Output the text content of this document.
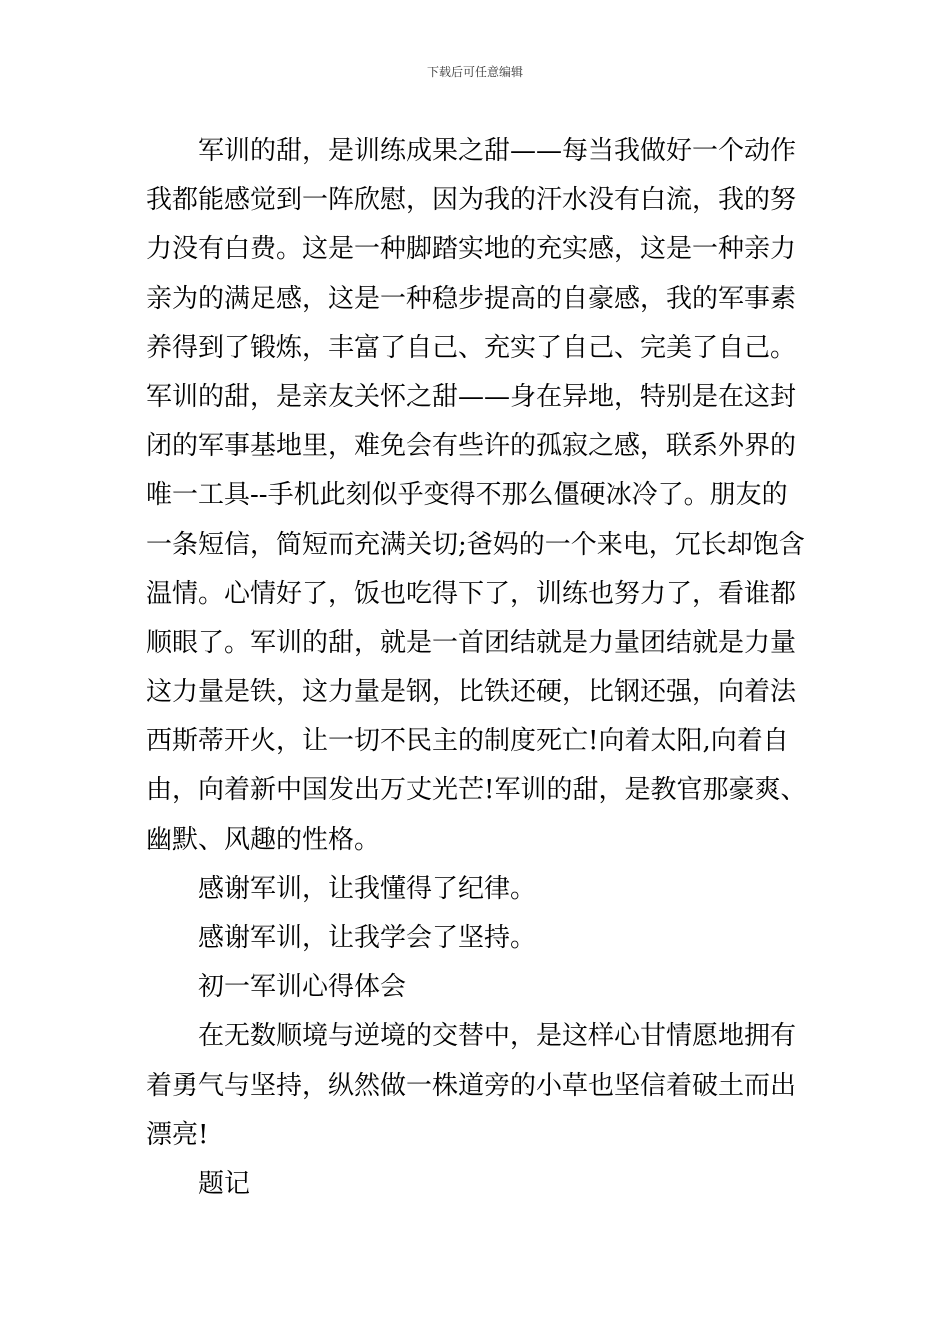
下载后可任意编辑
军训的甜，是训练成果之甜——每当我做好一个动作
我都能感觉到一阵欣慰，因为我的汗水没有白流，我的努
力没有白费。这是一种脚踏实地的充实感，这是一种亲力
亲为的满足感，这是一种稳步提高的自豪感，我的军事素
养得到了锻炼，丰富了自己、充实了自己、完美了自己。
军训的甜，是亲友关怀之甜——身在异地，特别是在这封
闭的军事基地里，难免会有些许的孤寂之感，联系外界的
唯一工具--手机此刻似乎变得不那么僵硬冰冷了。朋友的
一条短信，简短而充满关切;爸妈的一个来电，冗长却饱含
温情。心情好了，饭也吃得下了，训练也努力了，看谁都
顺眼了。军训的甜，就是一首团结就是力量团结就是力量
这力量是铁，这力量是钢，比铁还硬，比钢还强，向着法
西斯蒂开火，让一切不民主的制度死亡!向着太阳,向着自
由，向着新中国发出万丈光芒!军训的甜，是教官那豪爽、
幽默、风趣的性格。
感谢军训，让我懂得了纪律。
感谢军训，让我学会了坚持。
初一军训心得体会
在无数顺境与逆境的交替中，是这样心甘情愿地拥有
着勇气与坚持，纵然做一株道旁的小草也坚信着破土而出
漂亮!
题记
